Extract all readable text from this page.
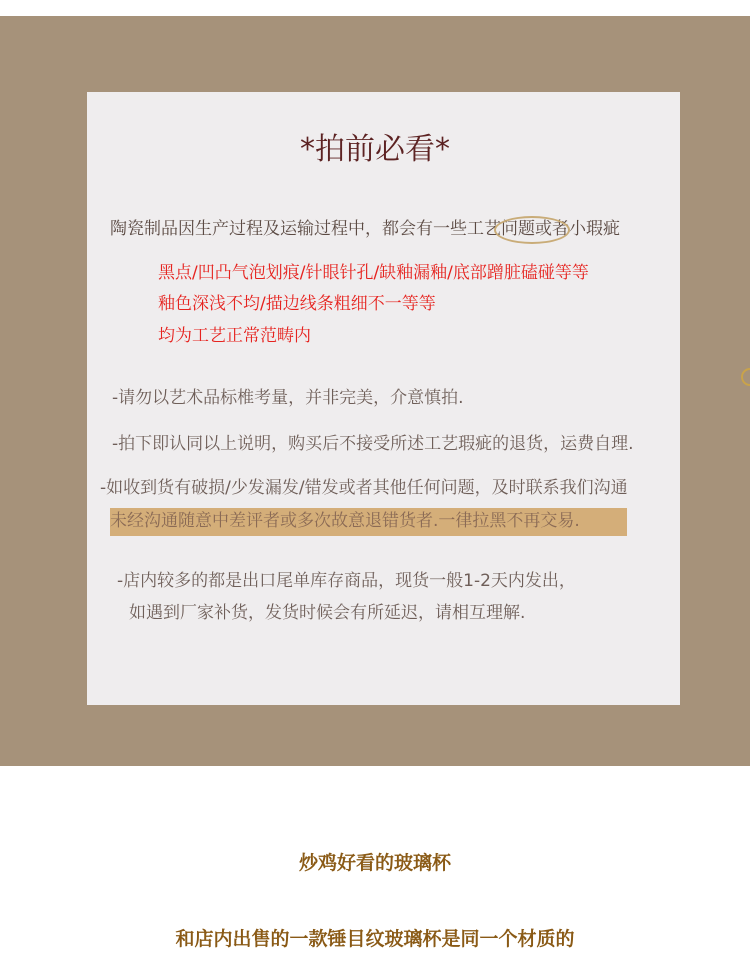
*拍前必看*
陶瓷制品因生产过程及运输过程中，都会有一些工艺问题或者小瑕疵
黑点/凹凸气泡划痕/针眼针孔/缺釉漏釉/底部蹭脏磕碰等等
釉色深浅不均/描边线条粗细不一等等
均为工艺正常范畴内
-请勿以艺术品标椎考量，并非完美，介意慎拍.
-拍下即认同以上说明，购买后不接受所述工艺瑕疵的退货，运费自理.
-如收到货有破损/少发漏发/错发或者其他任何问题，及时联系我们沟通
未经沟通随意中差评者或多次故意退错货者.一律拉黑不再交易.
-店内较多的都是出口尾单库存商品，现货一般1-2天内发出，
如遇到厂家补货，发货时候会有所延迟，请相互理解.
炒鸡好看的玻璃杯
和店内出售的一款锤目纹玻璃杯是同一个材质的
